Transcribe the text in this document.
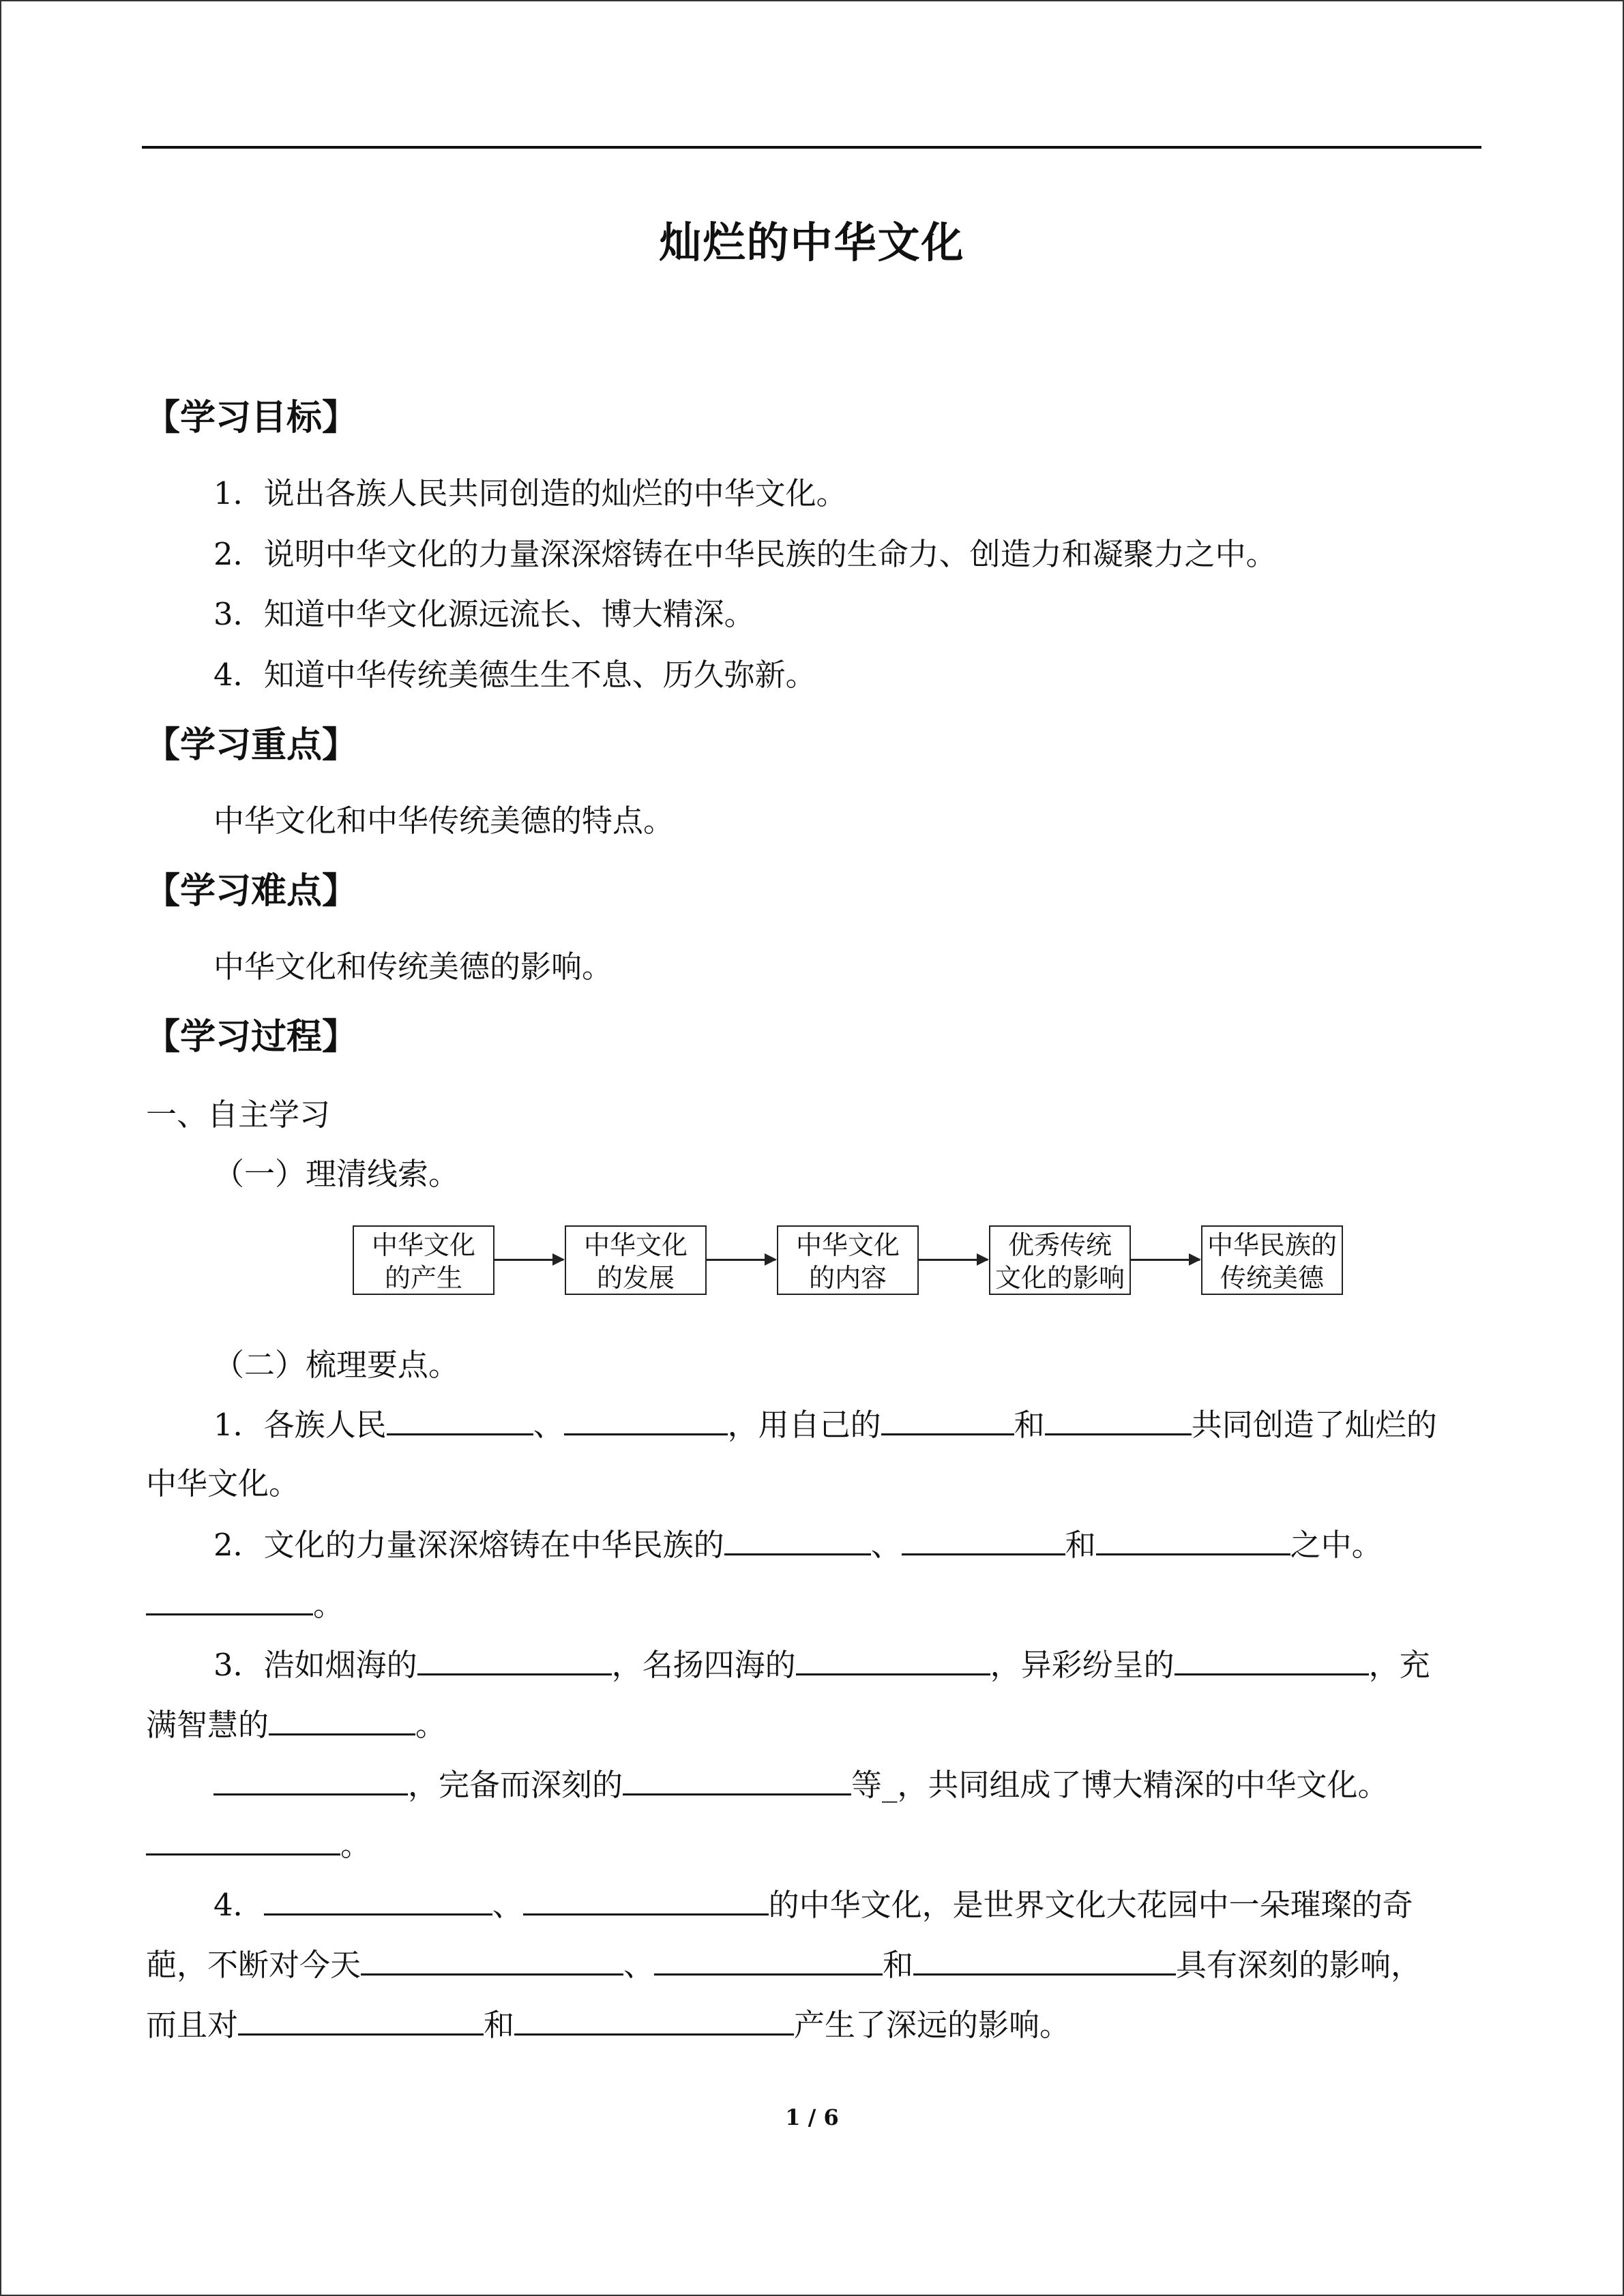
灿烂的中华文化
【学习目标】
1．说出各族人民共同创造的灿烂的中华文化。
2．说明中华文化的力量深深熔铸在中华民族的生命力、创造力和凝聚力之中。
3．知道中华文化源远流长、博大精深。
4．知道中华传统美德生生不息、历久弥新。
【学习重点】
中华文化和中华传统美德的特点。
【学习难点】
中华文化和传统美德的影响。
【学习过程】
一、自主学习
（一）理清线索。
中华文化
的产生
中华文化
的发展
中华文化
的内容
优秀传统
文化的影响
中华民族的
传统美德
（二）梳理要点。
1．各族人民	、	，用自己的	和	共同创造了灿烂的
中华文化。
2．文化的力量深深熔铸在中华民族的	、	和	之中。
。
3．浩如烟海的	，名扬四海的	，异彩纷呈的	，充
满智慧的	。
，完备而深刻的	等_，共同组成了博大精深的中华文化。
。
4．	、	的中华文化，是世界文化大花园中一朵璀璨的奇
葩，不断对今天	、	和	具有深刻的影响，
而且对	和	产生了深远的影响。
1 / 6
